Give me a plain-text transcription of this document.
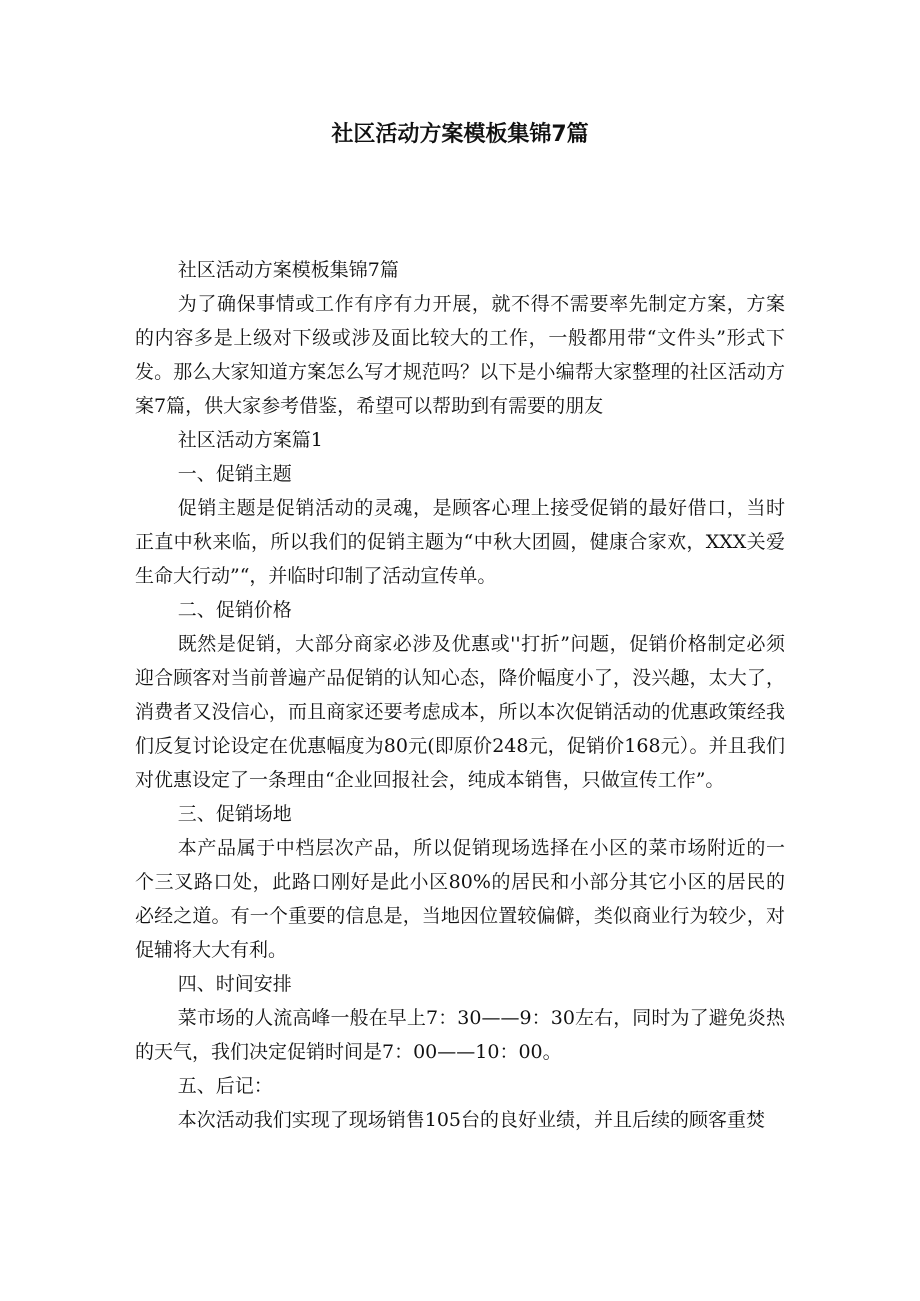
社区活动方案模板集锦7篇

社区活动方案模板集锦7篇

为了确保事情或工作有序有力开展，就不得不需要率先制定方案，方案的内容多是上级对下级或涉及面比较大的工作，一般都用带“文件头”形式下发。那么大家知道方案怎么写才规范吗？以下是小编帮大家整理的社区活动方案7篇，供大家参考借鉴，希望可以帮助到有需要的朋友

社区活动方案篇1

一、促销主题

促销主题是促销活动的灵魂，是顾客心理上接受促销的最好借口，当时正直中秋来临，所以我们的促销主题为“中秋大团圆，健康合家欢，XXX关爱生命大行动”“，并临时印制了活动宣传单。

二、促销价格

既然是促销，大部分商家必涉及优惠或''打折”问题，促销价格制定必须迎合顾客对当前普遍产品促销的认知心态，降价幅度小了，没兴趣，太大了，消费者又没信心，而且商家还要考虑成本，所以本次促销活动的优惠政策经我们反复讨论设定在优惠幅度为80元(即原价248元，促销价168元）。并且我们对优惠设定了一条理由“企业回报社会，纯成本销售，只做宣传工作”。

三、促销场地

本产品属于中档层次产品，所以促销现场选择在小区的菜市场附近的一个三叉路口处，此路口刚好是此小区80%的居民和小部分其它小区的居民的必经之道。有一个重要的信息是，当地因位置较偏僻，类似商业行为较少，对促辅将大大有利。

四、时间安排

菜市场的人流高峰一般在早上7：30——9：30左右，同时为了避免炎热的天气，我们决定促销时间是7：00——10：00。

五、后记：

本次活动我们实现了现场销售105台的良好业绩，并且后续的顾客重焚
